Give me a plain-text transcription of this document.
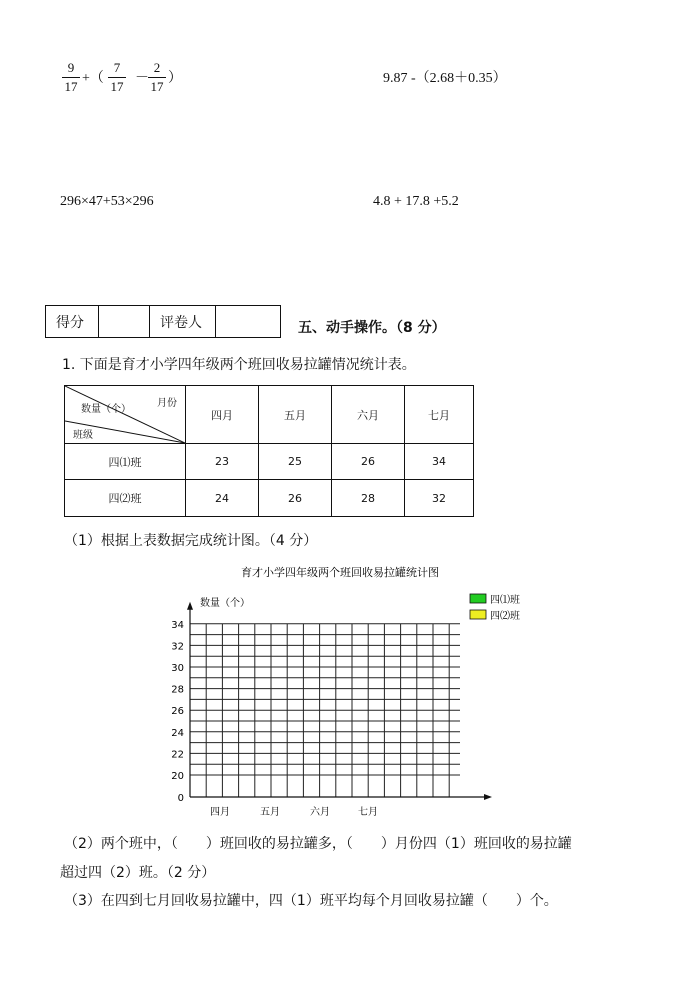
9
17
+（
7
17
－
2
17
）	9.87 -（2.68＋0.35）
296×47+53×296	4.8 + 17.8 +5.2
得分		评卷人		五、动手操作。（8 分）
1. 下面是育才小学四年级两个班回收易拉罐情况统计表。
月份
数量（个）
班级	四月	五月	六月	七月
四⑴班	23	25	26	34
四⑵班	24	26	28	32
（1）根据上表数据完成统计图。（4 分）
育才小学四年级两个班回收易拉罐统计图
数量（个）
0
20
22
24
26
28
30
32
34
四月	五月	六月	七月
四⑴班
四⑵班
（2）两个班中，（　　）班回收的易拉罐多，（　　）月份四（1）班回收的易拉罐
超过四（2）班。（2 分）
（3）在四到七月回收易拉罐中，四（1）班平均每个月回收易拉罐（　　）个。
